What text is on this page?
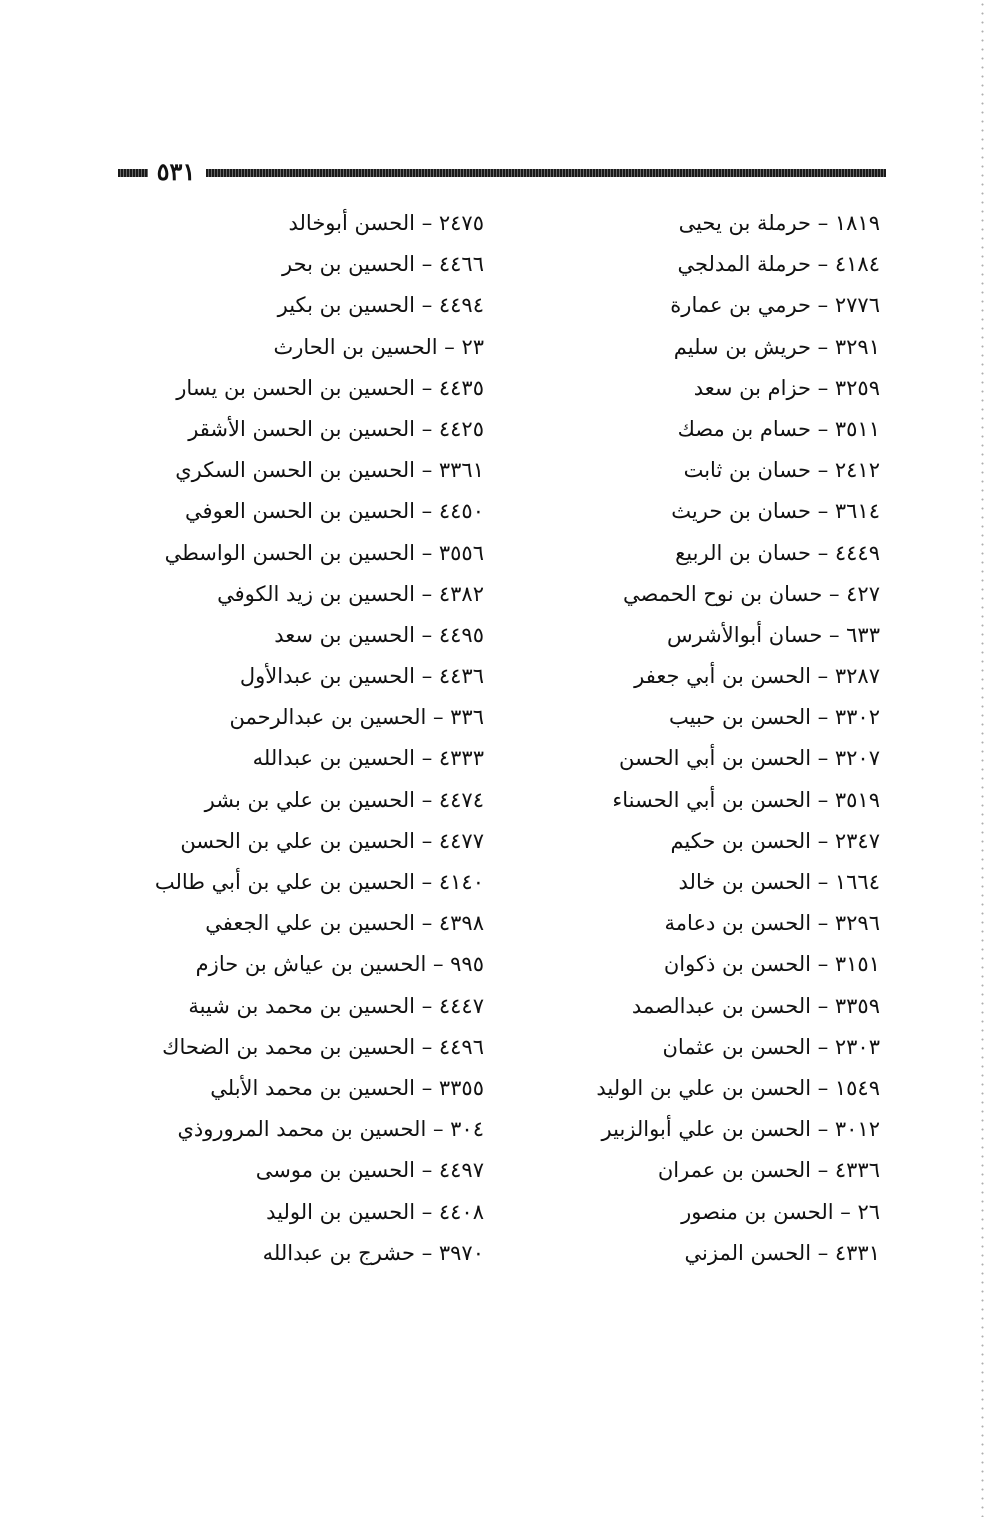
٥٣١
١٨١٩ – حرملة بن يحيى
٤١٨٤ – حرملة المدلجي
٢٧٧٦ – حرمي بن عمارة
٣٢٩١ – حريش بن سليم
٣٢٥٩ – حزام بن سعد
٣٥١١ – حسام بن مصك
٢٤١٢ – حسان بن ثابت
٣٦١٤ – حسان بن حريث
٤٤٤٩ – حسان بن الربيع
٤٢٧ – حسان بن نوح الحمصي
٦٣٣ – حسان أبوالأشرس
٣٢٨٧ – الحسن بن أبي جعفر
٣٣٠٢ – الحسن بن حبيب
٣٢٠٧ – الحسن بن أبي الحسن
٣٥١٩ – الحسن بن أبي الحسناء
٢٣٤٧ – الحسن بن حكيم
١٦٦٤ – الحسن بن خالد
٣٢٩٦ – الحسن بن دعامة
٣١٥١ – الحسن بن ذكوان
٣٣٥٩ – الحسن بن عبدالصمد
٢٣٠٣ – الحسن بن عثمان
١٥٤٩ – الحسن بن علي بن الوليد
٣٠١٢ – الحسن بن علي أبوالزبير
٤٣٣٦ – الحسن بن عمران
٢٦ – الحسن بن منصور
٤٣٣١ – الحسن المزني
٢٤٧٥ – الحسن أبوخالد
٤٤٦٦ – الحسين بن بحر
٤٤٩٤ – الحسين بن بكير
٢٣ – الحسين بن الحارث
٤٤٣٥ – الحسين بن الحسن بن يسار
٤٤٢٥ – الحسين بن الحسن الأشقر
٣٣٦١ – الحسين بن الحسن السكري
٤٤٥٠ – الحسين بن الحسن العوفي
٣٥٥٦ – الحسين بن الحسن الواسطي
٤٣٨٢ – الحسين بن زيد الكوفي
٤٤٩٥ – الحسين بن سعد
٤٤٣٦ – الحسين بن عبدالأول
٣٣٦ – الحسين بن عبدالرحمن
٤٣٣٣ – الحسين بن عبدالله
٤٤٧٤ – الحسين بن علي بن بشر
٤٤٧٧ – الحسين بن علي بن الحسن
٤١٤٠ – الحسين بن علي بن أبي طالب
٤٣٩٨ – الحسين بن علي الجعفي
٩٩٥ – الحسين بن عياش بن حازم
٤٤٤٧ – الحسين بن محمد بن شيبة
٤٤٩٦ – الحسين بن محمد بن الضحاك
٣٣٥٥ – الحسين بن محمد الأبلي
٣٠٤ – الحسين بن محمد المروروذي
٤٤٩٧ – الحسين بن موسى
٤٤٠٨ – الحسين بن الوليد
٣٩٧٠ – حشرج بن عبدالله
